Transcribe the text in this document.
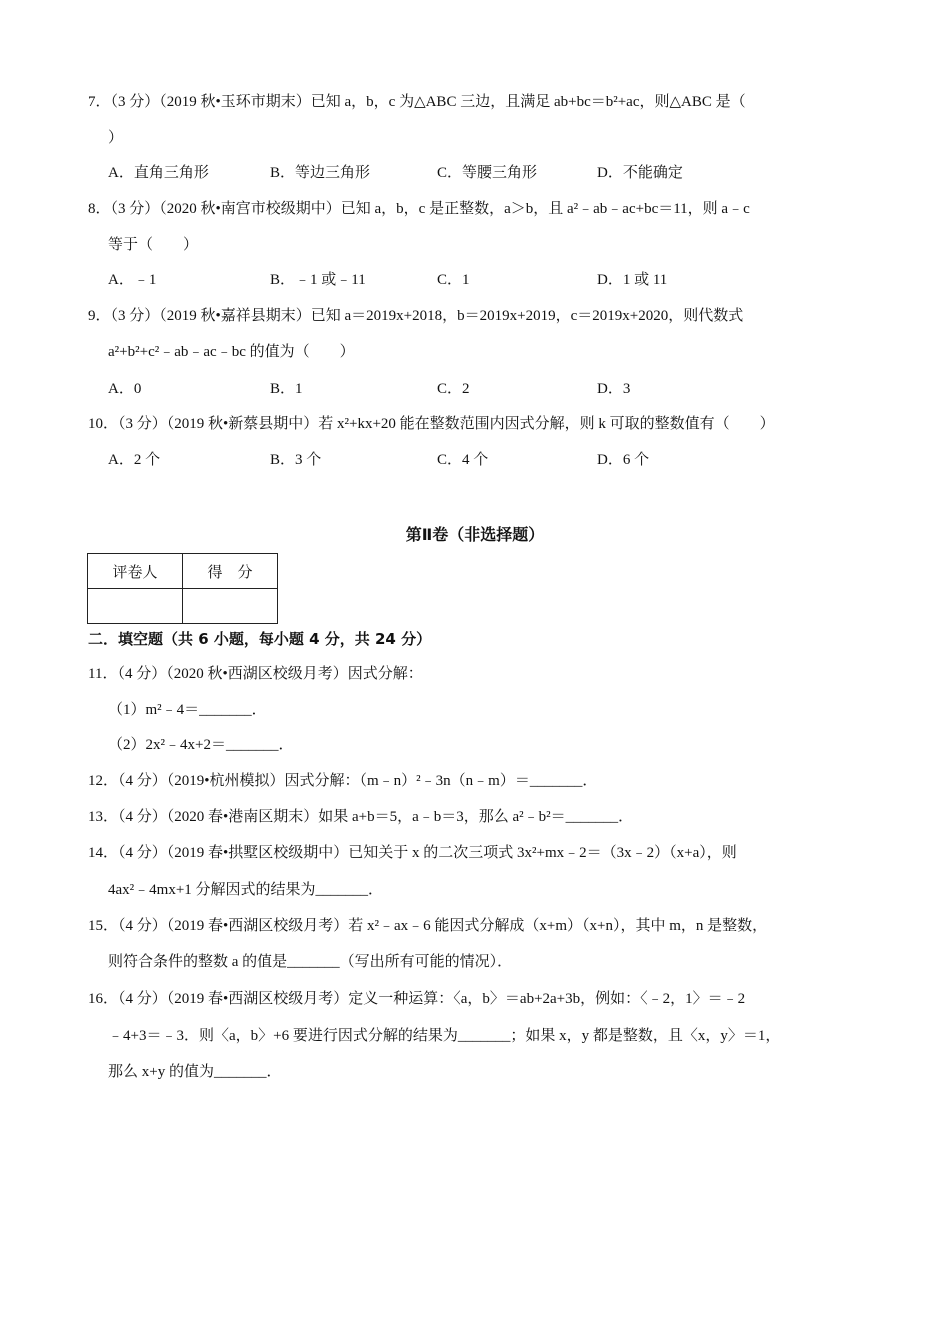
7．（3 分）（2019 秋•玉环市期末）已知 a，b，c 为△ABC 三边，且满足 ab+bc＝b²+ac，则△ABC 是（
）
A．直角三角形	B．等边三角形	C．等腰三角形	D．不能确定
8．（3 分）（2020 秋•南宫市校级期中）已知 a，b，c 是正整数，a＞b，且 a²﹣ab﹣ac+bc＝11，则 a﹣c
等于（　　）
A．﹣1	B．﹣1 或﹣11	C．1	D．1 或 11
9．（3 分）（2019 秋•嘉祥县期末）已知 a＝2019x+2018，b＝2019x+2019，c＝2019x+2020，则代数式
a²+b²+c²﹣ab﹣ac﹣bc 的值为（　　）
A．0	B．1	C．2	D．3
10．（3 分）（2019 秋•新蔡县期中）若 x²+kx+20 能在整数范围内因式分解，则 k 可取的整数值有（　　）
A．2 个	B．3 个	C．4 个	D．6 个
第Ⅱ卷（非选择题）
评卷人	得　分

二．填空题（共 6 小题，每小题 4 分，共 24 分）
11．（4 分）（2020 秋•西湖区校级月考）因式分解：
（1）m²﹣4＝_______．
（2）2x²﹣4x+2＝_______．
12．（4 分）（2019•杭州模拟）因式分解：（m﹣n）²﹣3n（n﹣m）＝_______．
13．（4 分）（2020 春•港南区期末）如果 a+b＝5，a﹣b＝3，那么 a²﹣b²＝_______．
14．（4 分）（2019 春•拱墅区校级期中）已知关于 x 的二次三项式 3x²+mx﹣2＝（3x﹣2）（x+a），则
4ax²﹣4mx+1 分解因式的结果为_______．
15．（4 分）（2019 春•西湖区校级月考）若 x²﹣ax﹣6 能因式分解成（x+m）（x+n），其中 m，n 是整数，
则符合条件的整数 a 的值是_______（写出所有可能的情况）．
16．（4 分）（2019 春•西湖区校级月考）定义一种运算：〈a，b〉＝ab+2a+3b，例如：〈﹣2，1〉＝﹣2
﹣4+3＝﹣3．则〈a，b〉+6 要进行因式分解的结果为_______；如果 x，y 都是整数，且〈x，y〉＝1，
那么 x+y 的值为_______．
